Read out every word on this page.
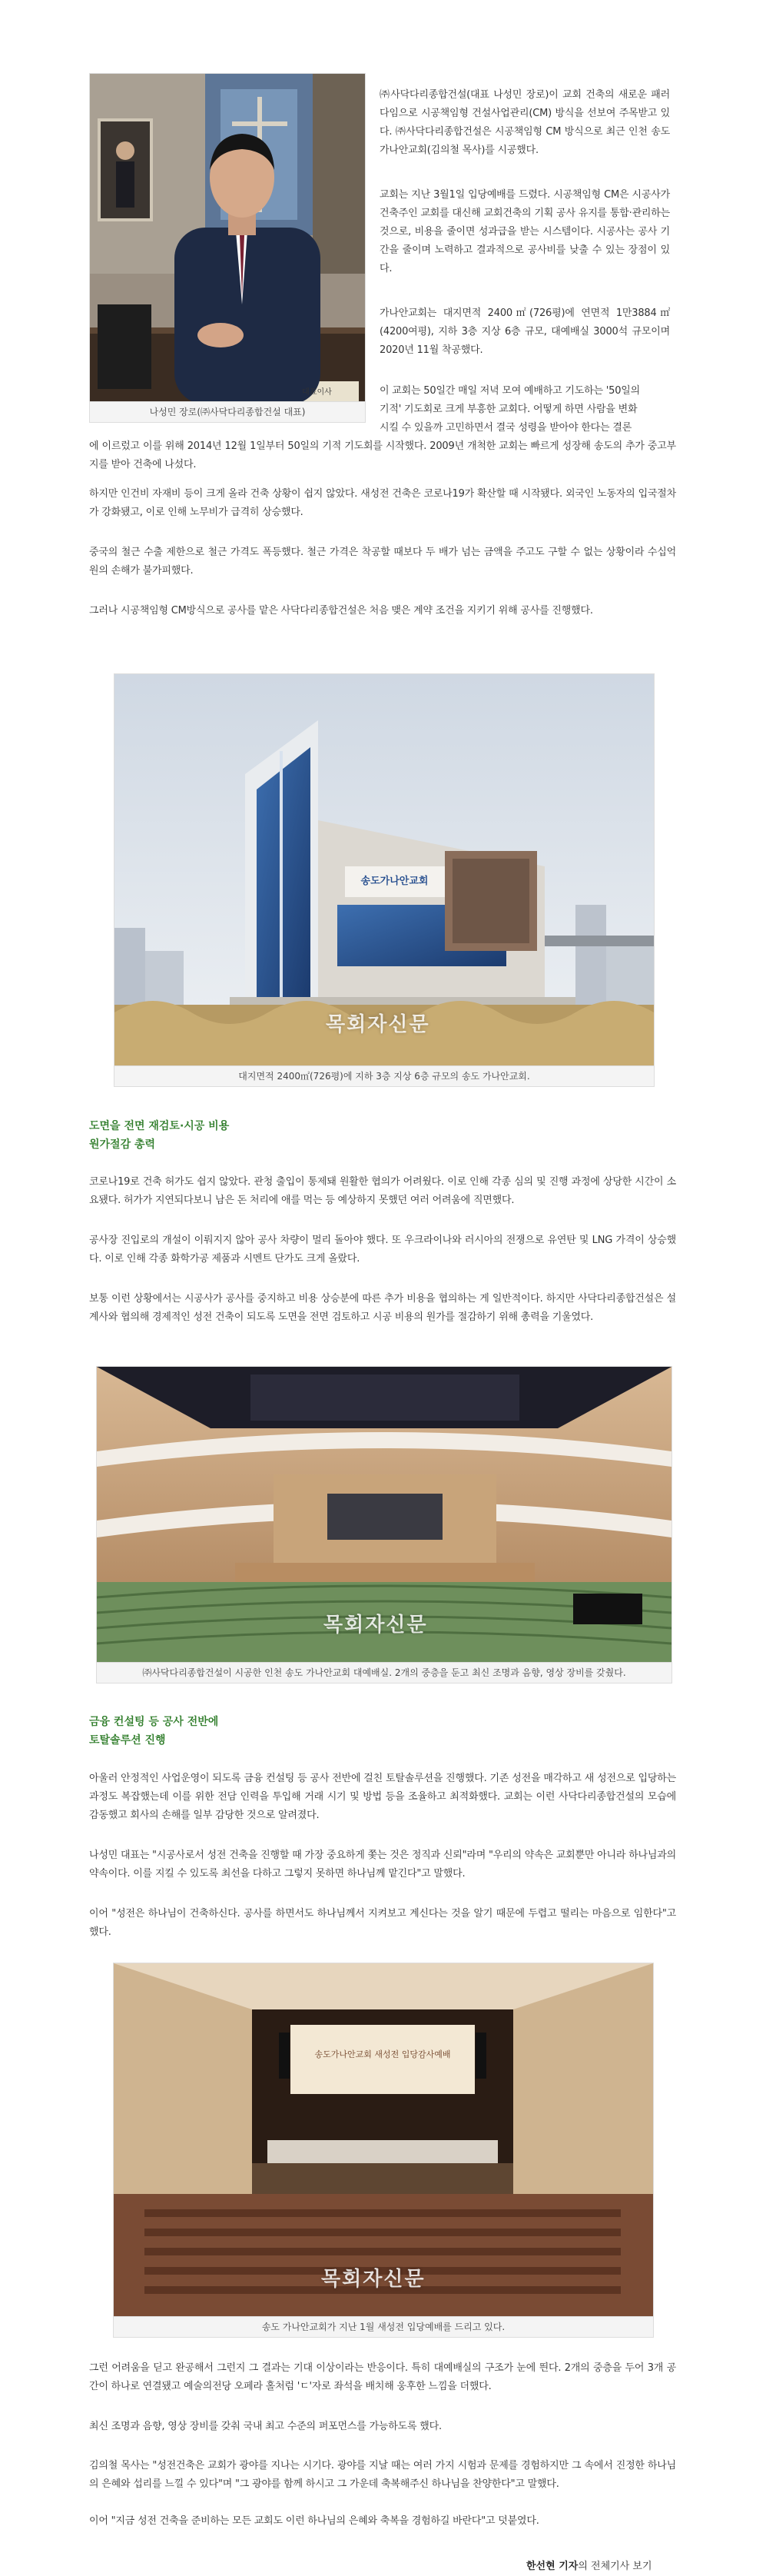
대표이사
나성민 장로(㈜사닥다리종합건설 대표)
㈜사닥다리종합건설(대표 나성민 장로)이 교회 건축의 새로운 패러다임으로 시공책임형 건설사업관리(CM) 방식을 선보여 주목받고 있다. ㈜사닥다리종합건설은 시공책임형 CM 방식으로 최근 인천 송도 가나안교회(김의철 목사)를 시공했다.
교회는 지난 3월1일 입당예배를 드렸다. 시공책임형 CM은 시공사가 건축주인 교회를 대신해 교회건축의 기획 공사 유지를 통합·관리하는 것으로, 비용을 줄이면 성과급을 받는 시스템이다. 시공사는 공사 기간을 줄이며 노력하고 결과적으로 공사비를 낮출 수 있는 장점이 있다.
가나안교회는 대지면적 2400㎡(726평)에 연면적 1만3884㎡(4200여평), 지하 3층 지상 6층 규모, 대예배실 3000석 규모이며 2020년 11월 착공했다.
이 교회는 50일간 매일 저녁 모여 예배하고 기도하는 '50일의
기적' 기도회로 크게 부흥한 교회다. 어떻게 하면 사람을 변화
시킬 수 있을까 고민하면서 결국 성령을 받아야 한다는 결론
에 이르렀고 이를 위해 2014년 12월 1일부터 50일의 기적 기도회를 시작했다. 2009년 개척한 교회는 빠르게 성장해 송도의 추가 중고부지를 받아 건축에 나섰다.
하지만 인건비 자재비 등이 크게 올라 건축 상황이 쉽지 않았다. 새성전 건축은 코로나19가 확산할 때 시작됐다. 외국인 노동자의 입국절차가 강화됐고, 이로 인해 노무비가 급격히 상승했다.
중국의 철근 수출 제한으로 철근 가격도 폭등했다. 철근 가격은 착공할 때보다 두 배가 넘는 금액을 주고도 구할 수 없는 상황이라 수십억 원의 손해가 불가피했다.
그러나 시공책임형 CM방식으로 공사를 맡은 사닥다리종합건설은 처음 맺은 계약 조건을 지키기 위해 공사를 진행했다.
송도가나안교회
목회자신문
대지면적 2400㎡(726평)에 지하 3층 지상 6층 규모의 송도 가나안교회.
도면을 전면 재검토·시공 비용
원가절감 총력
코로나19로 건축 허가도 쉽지 않았다. 관청 출입이 통제돼 원활한 협의가 어려웠다. 이로 인해 각종 심의 및 진행 과정에 상당한 시간이 소요됐다. 허가가 지연되다보니 남은 돈 처리에 애를 먹는 등 예상하지 못했던 여러 어려움에 직면했다.
공사장 진입로의 개설이 이뤄지지 않아 공사 차량이 멀리 돌아야 했다. 또 우크라이나와 러시아의 전쟁으로 유연탄 및 LNG 가격이 상승했다. 이로 인해 각종 화학가공 제품과 시멘트 단가도 크게 올랐다.
보통 이런 상황에서는 시공사가 공사를 중지하고 비용 상승분에 따른 추가 비용을 협의하는 게 일반적이다. 하지만 사닥다리종합건설은 설계사와 협의해 경제적인 성전 건축이 되도록 도면을 전면 검토하고 시공 비용의 원가를 절감하기 위해 총력을 기울였다.
목회자신문
㈜사닥다리종합건설이 시공한 인천 송도 가나안교회 대예배실. 2개의 중층을 둔고 최신 조명과 음향, 영상 장비를 갖췄다.
금융 컨설팅 등 공사 전반에
토탈솔루션 진행
아울러 안정적인 사업운영이 되도록 금융 컨설팅 등 공사 전반에 걸친 토탈솔루션을 진행했다. 기존 성전을 매각하고 새 성전으로 입당하는 과정도 복잡했는데 이를 위한 전담 인력을 투입해 거래 시기 및 방법 등을 조율하고 최적화했다. 교회는 이런 사닥다리종합건설의 모습에 감동했고 회사의 손해를 일부 감당한 것으로 알려졌다.
나성민 대표는 "시공사로서 성전 건축을 진행할 때 가장 중요하게 쫓는 것은 정직과 신뢰"라며 "우리의 약속은 교회뿐만 아니라 하나님과의 약속이다. 이를 지킬 수 있도록 최선을 다하고 그렇지 못하면 하나님께 맡긴다"고 말했다.
이어 "성전은 하나님이 건축하신다. 공사를 하면서도 하나님께서 지켜보고 계신다는 것을 알기 때문에 두렵고 떨리는 마음으로 임한다"고 했다.
송도가나안교회 새성전 입당감사예배
목회자신문
송도 가나안교회가 지난 1월 새성전 입당예배를 드리고 있다.
그런 어려움을 딛고 완공해서 그런지 그 결과는 기대 이상이라는 반응이다. 특히 대예배실의 구조가 눈에 띈다. 2개의 중층을 두어 3개 공간이 하나로 연결됐고 예술의전당 오페라 홀처럼 'ㄷ'자로 좌석을 배치해 웅후한 느낌을 더했다.
최신 조명과 음향, 영상 장비를 갖춰 국내 최고 수준의 퍼포먼스를 가능하도록 했다.
김의철 목사는 "성전건축은 교회가 광야를 지나는 시기다. 광야를 지날 때는 여러 가지 시험과 문제를 경험하지만 그 속에서 진정한 하나님의 은혜와 섭리를 느낄 수 있다"며 "그 광야를 함께 하시고 그 가운데 축복해주신 하나님을 찬양한다"고 말했다.
이어 "지금 성전 건축을 준비하는 모든 교회도 이런 하나님의 은혜와 축복을 경험하길 바란다"고 덧붙였다.
한선현 기자의 전체기사 보기
